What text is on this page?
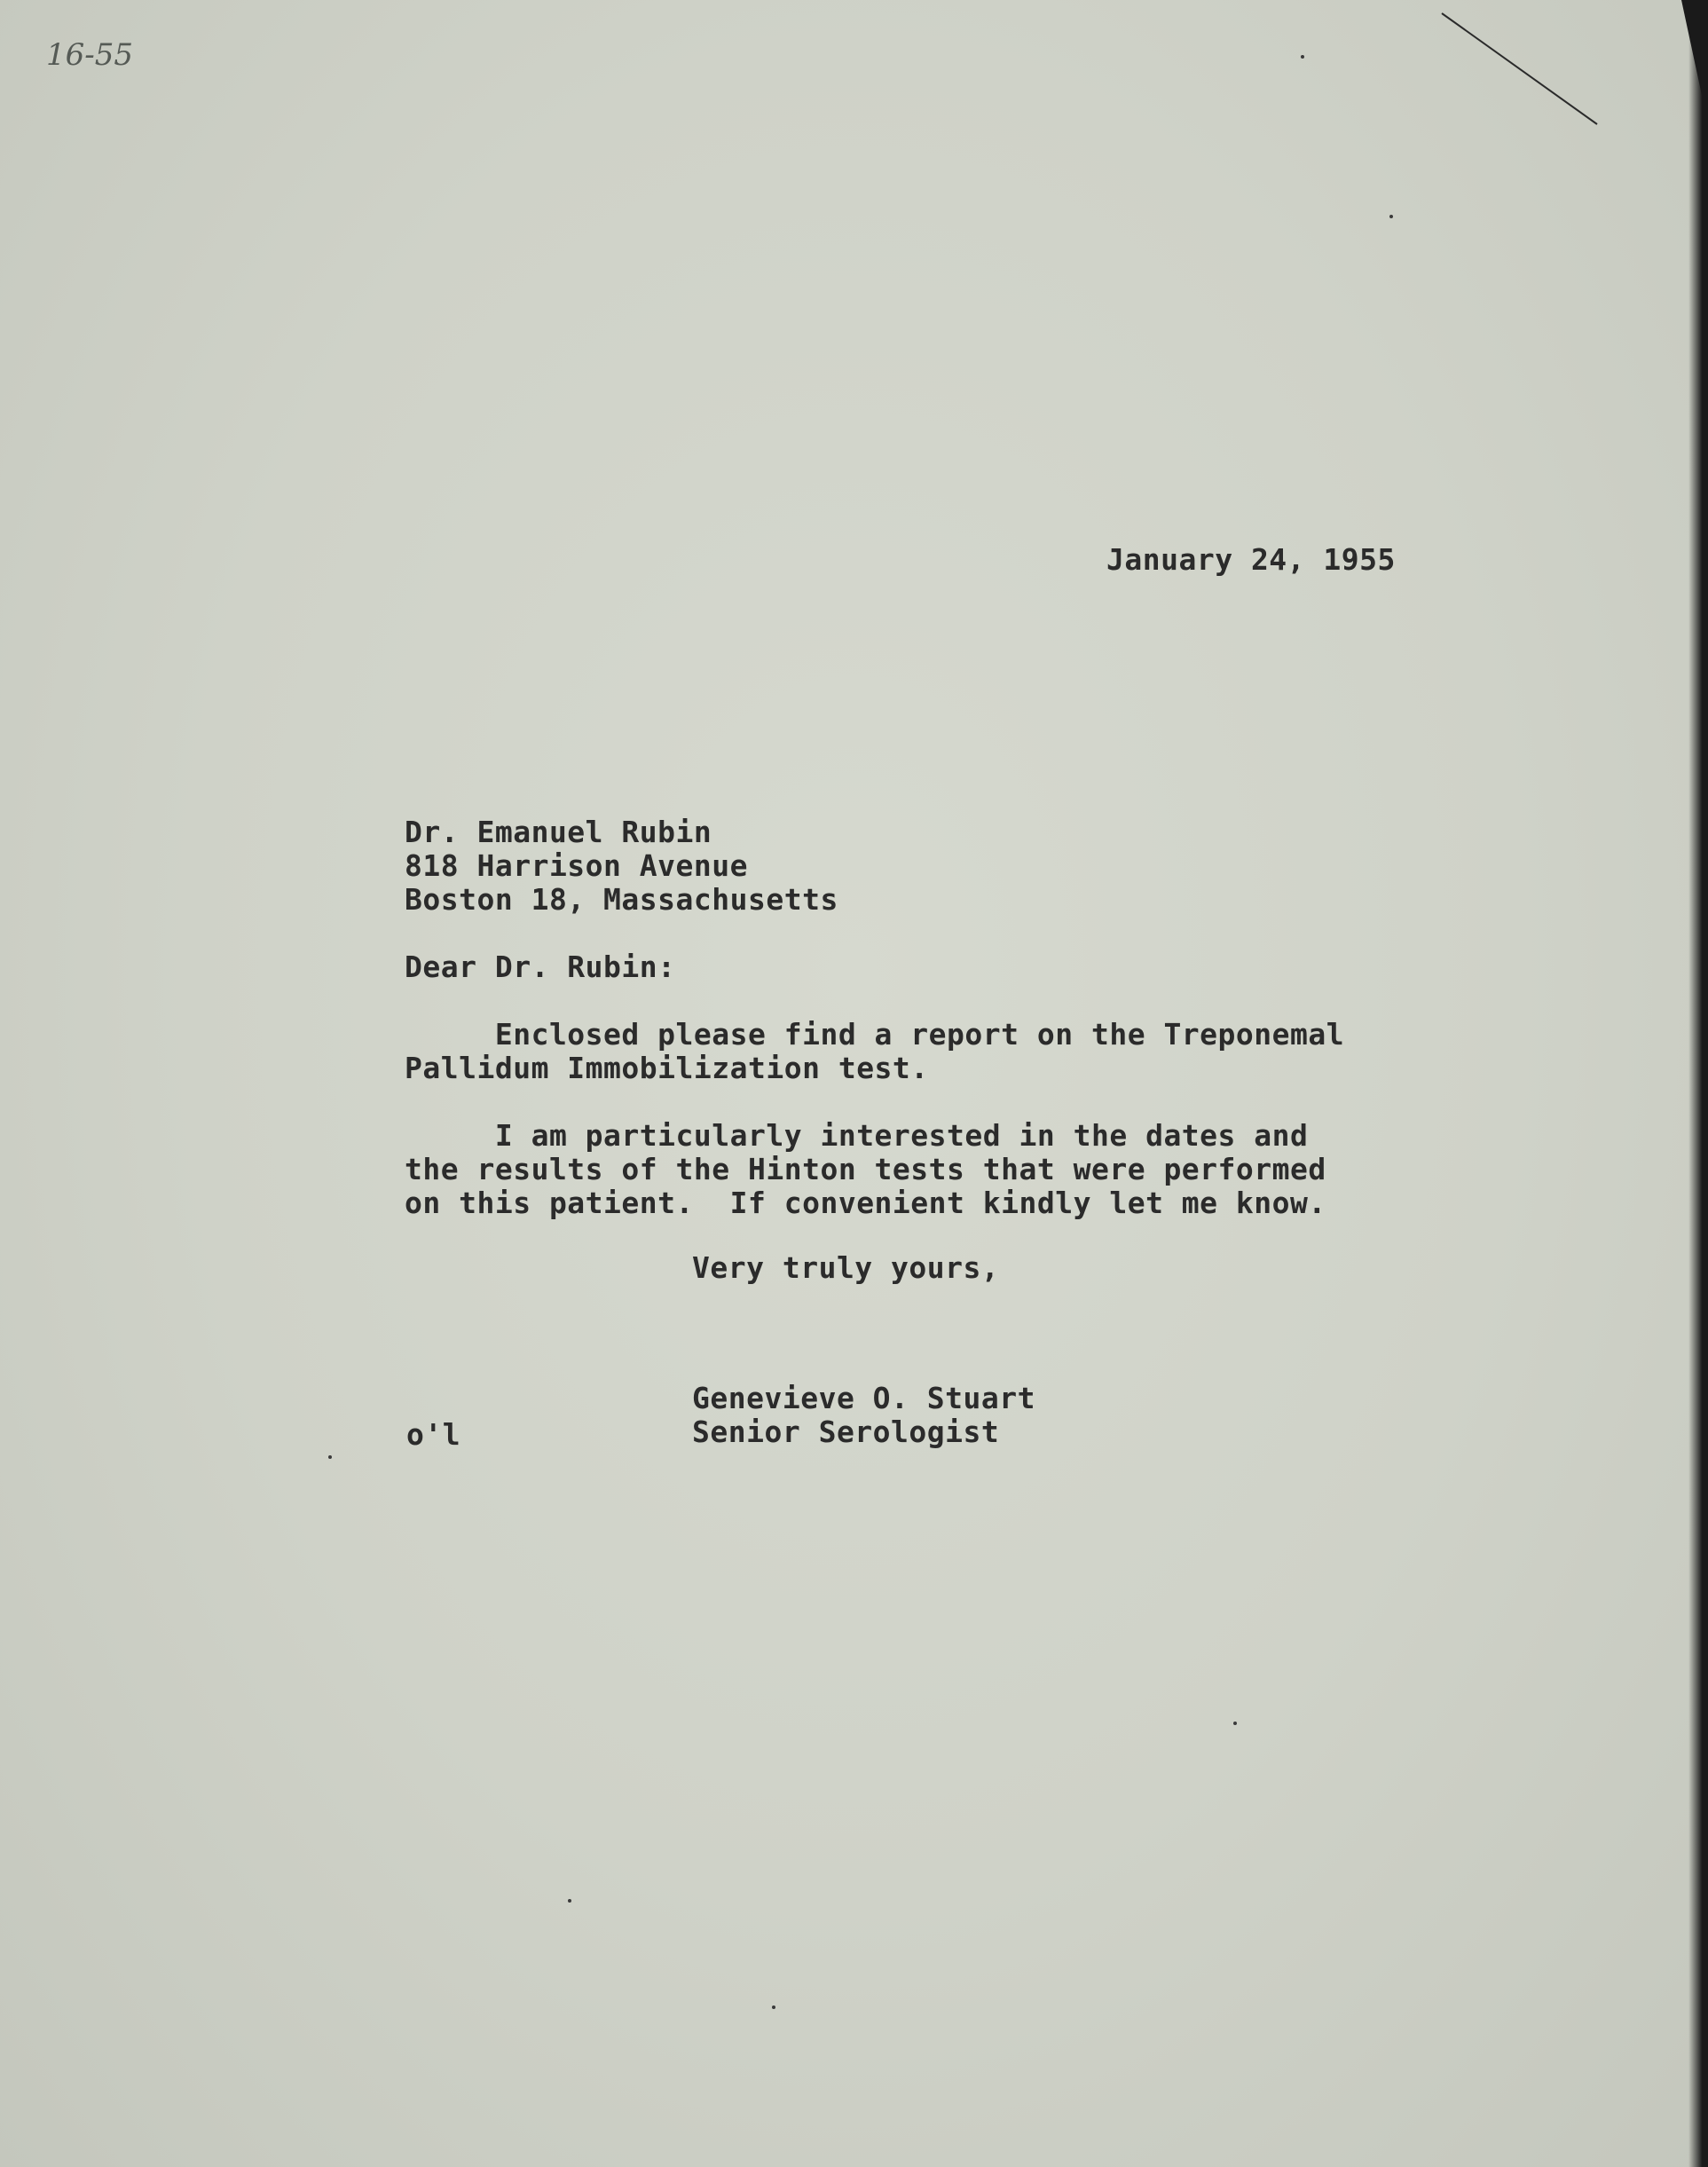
16-55
January 24, 1955
Dr. Emanuel Rubin
818 Harrison Avenue
Boston 18, Massachusetts
Dear Dr. Rubin:
Enclosed please find a report on the Treponemal
Pallidum Immobilization test.
I am particularly interested in the dates and
the results of the Hinton tests that were performed
on this patient.  If convenient kindly let me know.
Very truly yours,
Genevieve O. Stuart
Senior Serologist
o'l
